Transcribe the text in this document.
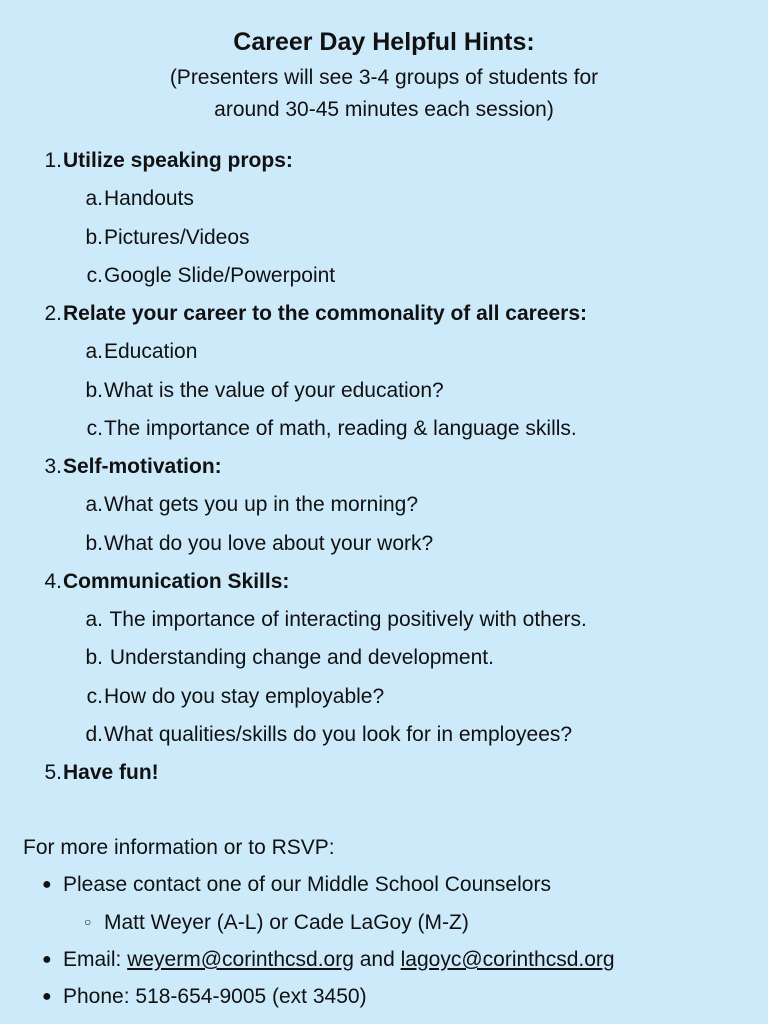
Career Day Helpful Hints:
(Presenters will see 3-4 groups of students for
around 30-45 minutes each session)
1. Utilize speaking props:
a. Handouts
b. Pictures/Videos
c. Google Slide/Powerpoint
2. Relate your career to the commonality of all careers:
a. Education
b. What is the value of your education?
c. The importance of math, reading & language skills.
3. Self-motivation:
a. What gets you up in the morning?
b. What do you love about your work?
4. Communication Skills:
a. The importance of interacting positively with others.
b. Understanding change and development.
c. How do you stay employable?
d. What qualities/skills do you look for in employees?
5. Have fun!
For more information or to RSVP:
● Please contact one of our Middle School Counselors
○ Matt Weyer (A-L) or Cade LaGoy (M-Z)
● Email: weyerm@corinthcsd.org and lagoyc@corinthcsd.org
● Phone: 518-654-9005 (ext 3450)
